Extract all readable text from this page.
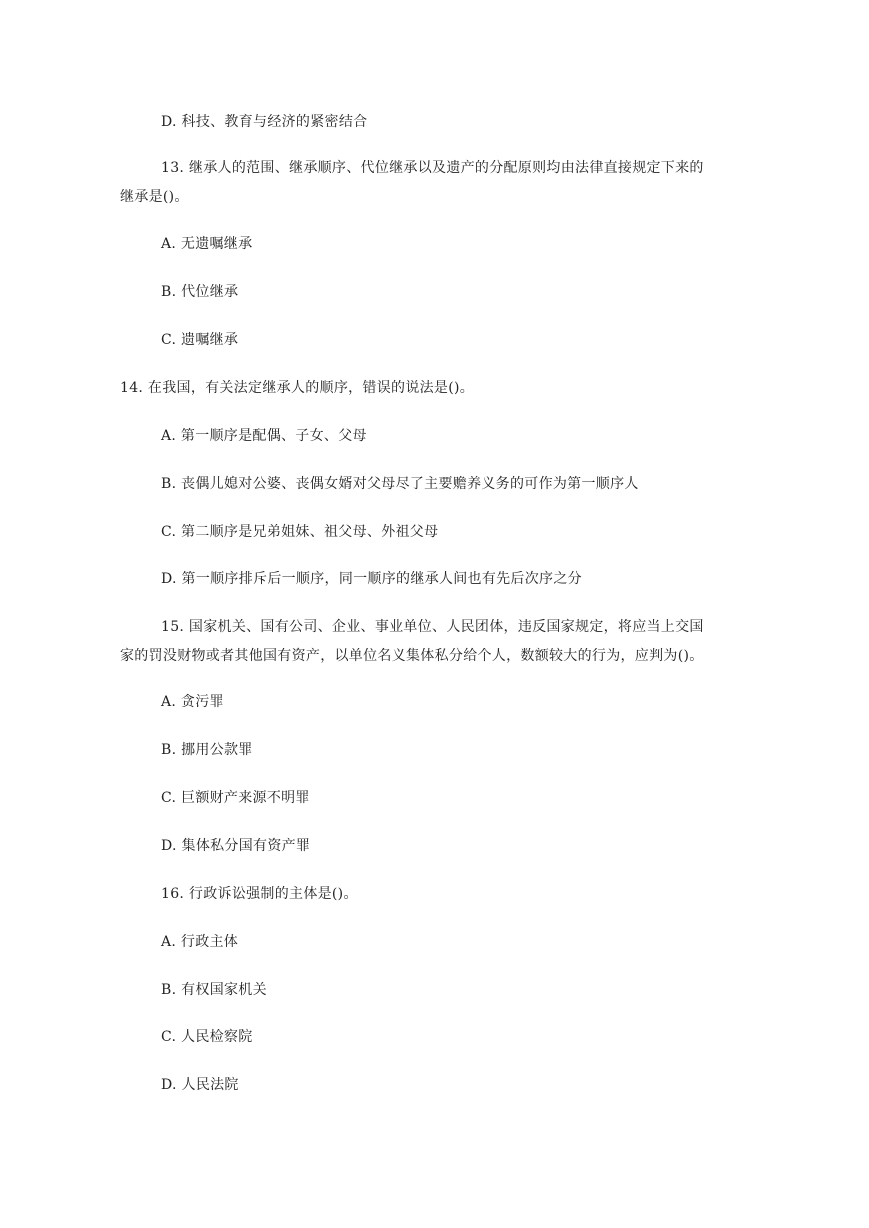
D. 科技、教育与经济的紧密结合
13. 继承人的范围、继承顺序、代位继承以及遗产的分配原则均由法律直接规定下来的
继承是()。
A. 无遗嘱继承
B. 代位继承
C. 遗嘱继承
14. 在我国，有关法定继承人的顺序，错误的说法是()。
A. 第一顺序是配偶、子女、父母
B. 丧偶儿媳对公婆、丧偶女婿对父母尽了主要赡养义务的可作为第一顺序人
C. 第二顺序是兄弟姐妹、祖父母、外祖父母
D. 第一顺序排斥后一顺序，同一顺序的继承人间也有先后次序之分
15. 国家机关、国有公司、企业、事业单位、人民团体，违反国家规定，将应当上交国
家的罚没财物或者其他国有资产，以单位名义集体私分给个人，数额较大的行为，应判为()。
A. 贪污罪
B. 挪用公款罪
C. 巨额财产来源不明罪
D. 集体私分国有资产罪
16. 行政诉讼强制的主体是()。
A. 行政主体
B. 有权国家机关
C. 人民检察院
D. 人民法院
